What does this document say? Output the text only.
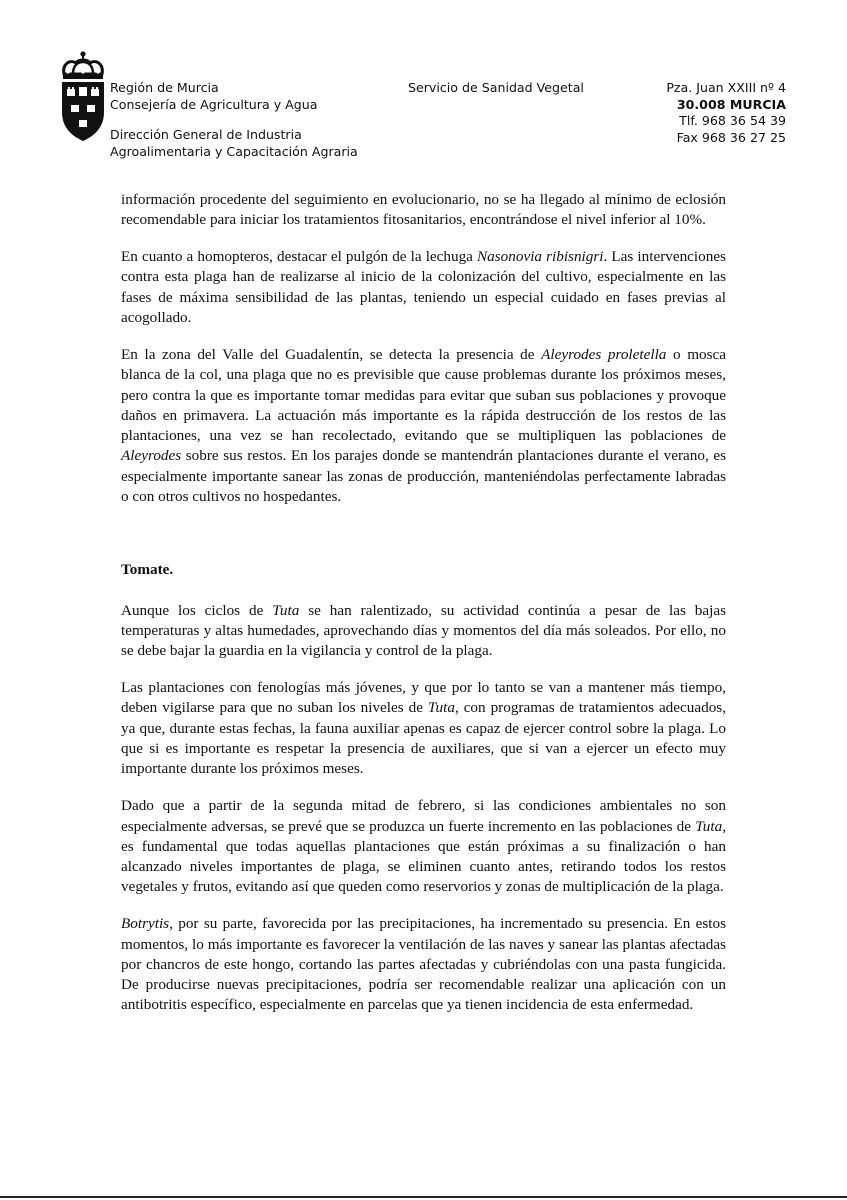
Región de Murcia
Consejería de Agricultura y Agua
Dirección General de Industria
Agroalimentaria y Capacitación Agraria
Servicio de Sanidad Vegetal	Pza. Juan XXIII nº 4
30.008 MURCIA
Tlf. 968 36 54 39
Fax 968 36 27 25

información procedente del seguimiento en evolucionario, no se ha llegado al mínimo de eclosión recomendable para iniciar los tratamientos fitosanitarios, encontrándose el nivel inferior al 10%.

En cuanto a homopteros, destacar el pulgón de la lechuga Nasonovia ribisnigri. Las intervenciones contra esta plaga han de realizarse al inicio de la colonización del cultivo, especialmente en las fases de máxima sensibilidad de las plantas, teniendo un especial cuidado en fases previas al acogollado.

En la zona del Valle del Guadalentín, se detecta la presencia de Aleyrodes proletella o mosca blanca de la col, una plaga que no es previsible que cause problemas durante los próximos meses, pero contra la que es importante tomar medidas para evitar que suban sus poblaciones y provoque daños en primavera. La actuación más importante es la rápida destrucción de los restos de las plantaciones, una vez se han recolectado, evitando que se multipliquen las poblaciones de Aleyrodes sobre sus restos. En los parajes donde se mantendrán plantaciones durante el verano, es especialmente importante sanear las zonas de producción, manteniéndolas perfectamente labradas o con otros cultivos no hospedantes.

Tomate.

Aunque los ciclos de Tuta se han ralentizado, su actividad continúa a pesar de las bajas temperaturas y altas humedades, aprovechando días y momentos del día más soleados. Por ello, no se debe bajar la guardia en la vigilancia y control de la plaga.

Las plantaciones con fenologías más jóvenes, y que por lo tanto se van a mantener más tiempo, deben vigilarse para que no suban los niveles de Tuta, con programas de tratamientos adecuados, ya que, durante estas fechas, la fauna auxiliar apenas es capaz de ejercer control sobre la plaga. Lo que si es importante es respetar la presencia de auxiliares, que si van a ejercer un efecto muy importante durante los próximos meses.

Dado que a partir de la segunda mitad de febrero, si las condiciones ambientales no son especialmente adversas, se prevé que se produzca un fuerte incremento en las poblaciones de Tuta, es fundamental que todas aquellas plantaciones que están próximas a su finalización o han alcanzado niveles importantes de plaga, se eliminen cuanto antes, retirando todos los restos vegetales y frutos, evitando así que queden como reservorios y zonas de multiplicación de la plaga.

Botrytis, por su parte, favorecida por las precipitaciones, ha incrementado su presencia. En estos momentos, lo más importante es favorecer la ventilación de las naves y sanear las plantas afectadas por chancros de este hongo, cortando las partes afectadas y cubriéndolas con una pasta fungicida. De producirse nuevas precipitaciones, podría ser recomendable realizar una aplicación con un antibotritis específico, especialmente en parcelas que ya tienen incidencia de esta enfermedad.
